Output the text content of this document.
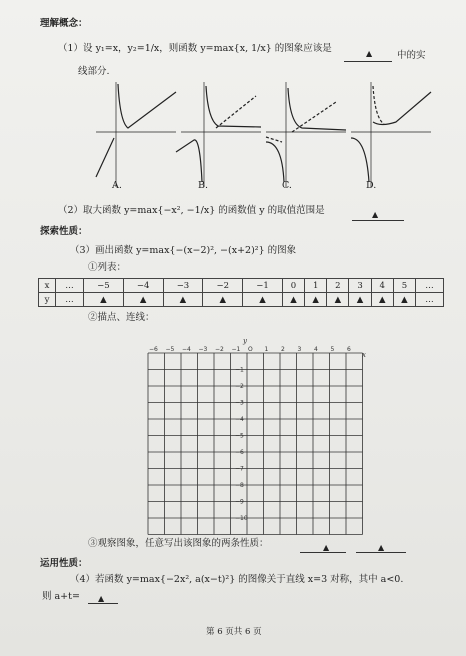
理解概念：
（1）设 y₁=x，y₂=1/x，则函数 y=max{x, 1/x} 的图象应该是	▲	中的实
线部分.
A.	B.	C.	D.
（2）取大函数 y=max{−x², −1/x} 的函数值 y 的取值范围是	▲
探索性质：
（3）画出函数 y=max{−(x−2)², −(x+2)²} 的图象
①列表：
x	…	−5	−4	−3	−2	−1	0	1	2	3	4	5	…
y	…	▲	▲	▲	▲	▲	▲	▲	▲	▲	▲	▲	…
②描点、连线：
−6 −5 −4 −3 −2 −1 O 1 2 3 4 5 6
−1
−2
−3
−4
−5
−6
−7
−8
−9
−10
x
y
③观察图象，任意写出该图象的两条性质：	▲	▲
运用性质：
（4）若函数 y=max{−2x², a(x−t)²} 的图像关于直线 x=3 对称，其中 a<0.
则 a+t= ▲
第 6 页共 6 页
